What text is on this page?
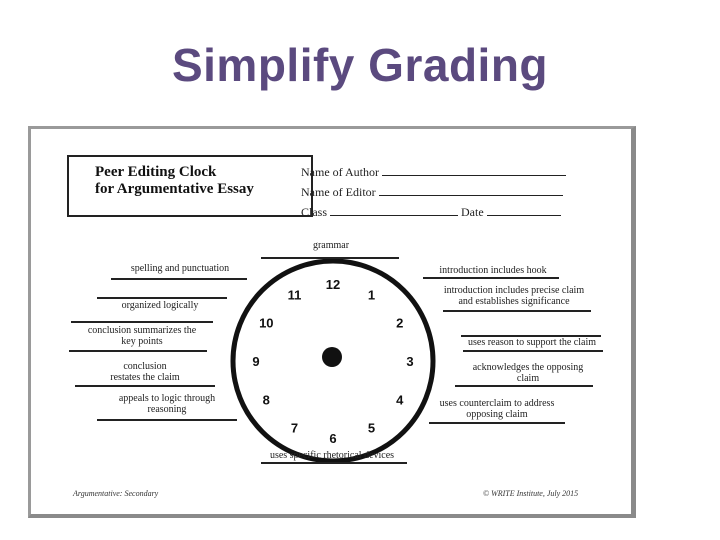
Simplify Grading
Peer Editing Clock
for Argumentative Essay
Name of Author
Name of Editor
Class	Date
12
1
2
3
4
5
6
7
8
9
10
11
grammar
spelling and punctuation
organized logically
conclusion summarizes the
key points
conclusion
restates the claim
appeals to logic through
reasoning
introduction includes hook
introduction includes precise claim
and establishes significance
uses reason to support the claim
acknowledges the opposing
claim
uses counterclaim to address
opposing claim
uses specific rhetorical devices
Argumentative: Secondary	© WRITE Institute, July 2015
